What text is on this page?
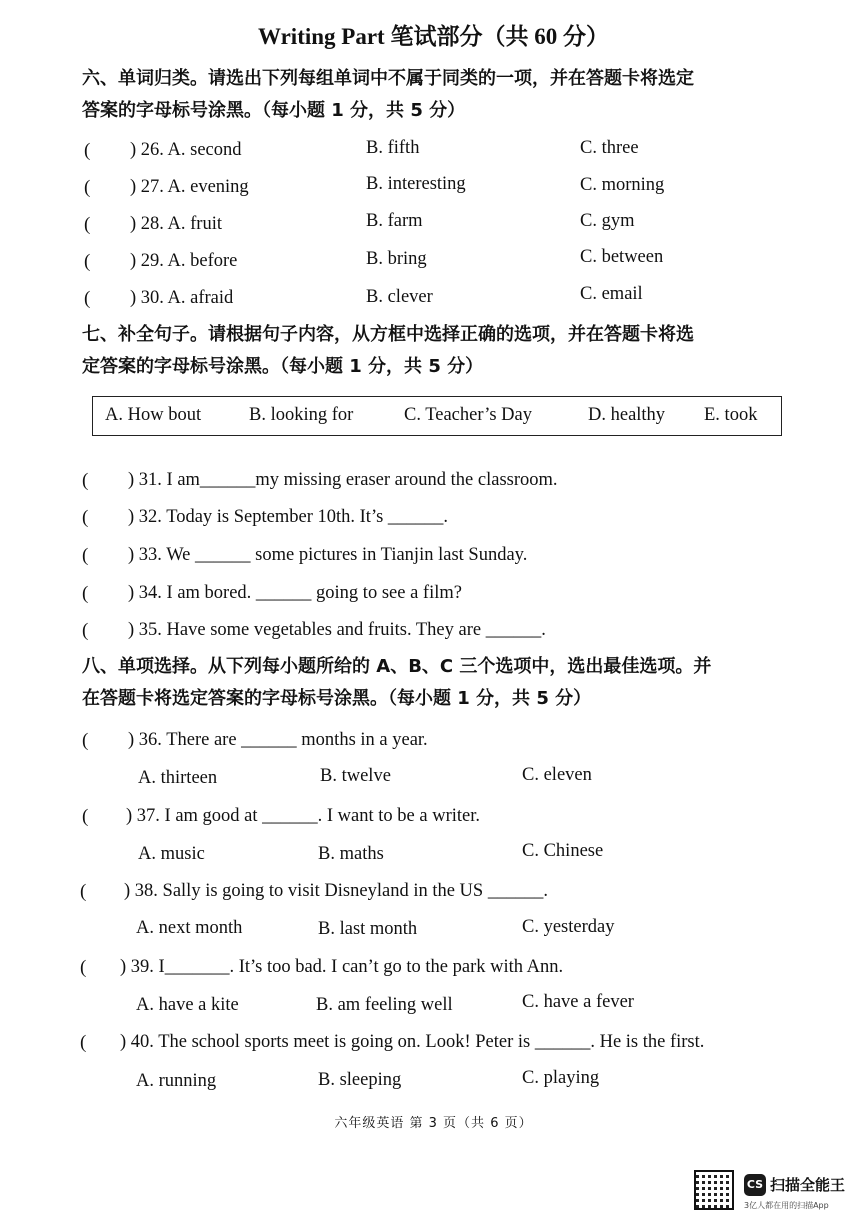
Writing Part 笔试部分（共 60 分）
六、单词归类。请选出下列每组单词中不属于同类的一项，并在答题卡将选定
答案的字母标号涂黑。（每小题 1 分，共 5 分）
( ) 26. A. second	B. fifth	C. three
( ) 27. A. evening	B. interesting	C. morning
( ) 28. A. fruit	B. farm	C. gym
( ) 29. A. before	B. bring	C. between
( ) 30. A. afraid	B. clever	C. email
七、补全句子。请根据句子内容，从方框中选择正确的选项，并在答题卡将选
定答案的字母标号涂黑。（每小题 1 分，共 5 分）
A. How bout	B. looking for	C. Teacher’s Day	D. healthy E. took
( ) 31. I am______my missing eraser around the classroom.
( ) 32. Today is September 10th. It’s ______.
( ) 33. We ______ some pictures in Tianjin last Sunday.
( ) 34. I am bored. ______ going to see a film?
( ) 35. Have some vegetables and fruits. They are ______.
八、单项选择。从下列每小题所给的 A、B、C 三个选项中，选出最佳选项。并
在答题卡将选定答案的字母标号涂黑。（每小题 1 分，共 5 分）
( ) 36. There are ______ months in a year.
A. thirteen	B. twelve	C. eleven
( ) 37. I am good at ______. I want to be a writer.
A. music	B. maths	C. Chinese
( ) 38. Sally is going to visit Disneyland in the US ______.
A. next month	B. last month	C. yesterday
( ) 39. I_______. It’s too bad. I can’t go to the park with Ann.
A. have a kite	B. am feeling well	C. have a fever
( ) 40. The school sports meet is going on. Look! Peter is ______. He is the first.
A. running	B. sleeping	C. playing
六年级英语 第 3 页（共 6 页）
CS 扫描全能王
3亿人都在用的扫描App
